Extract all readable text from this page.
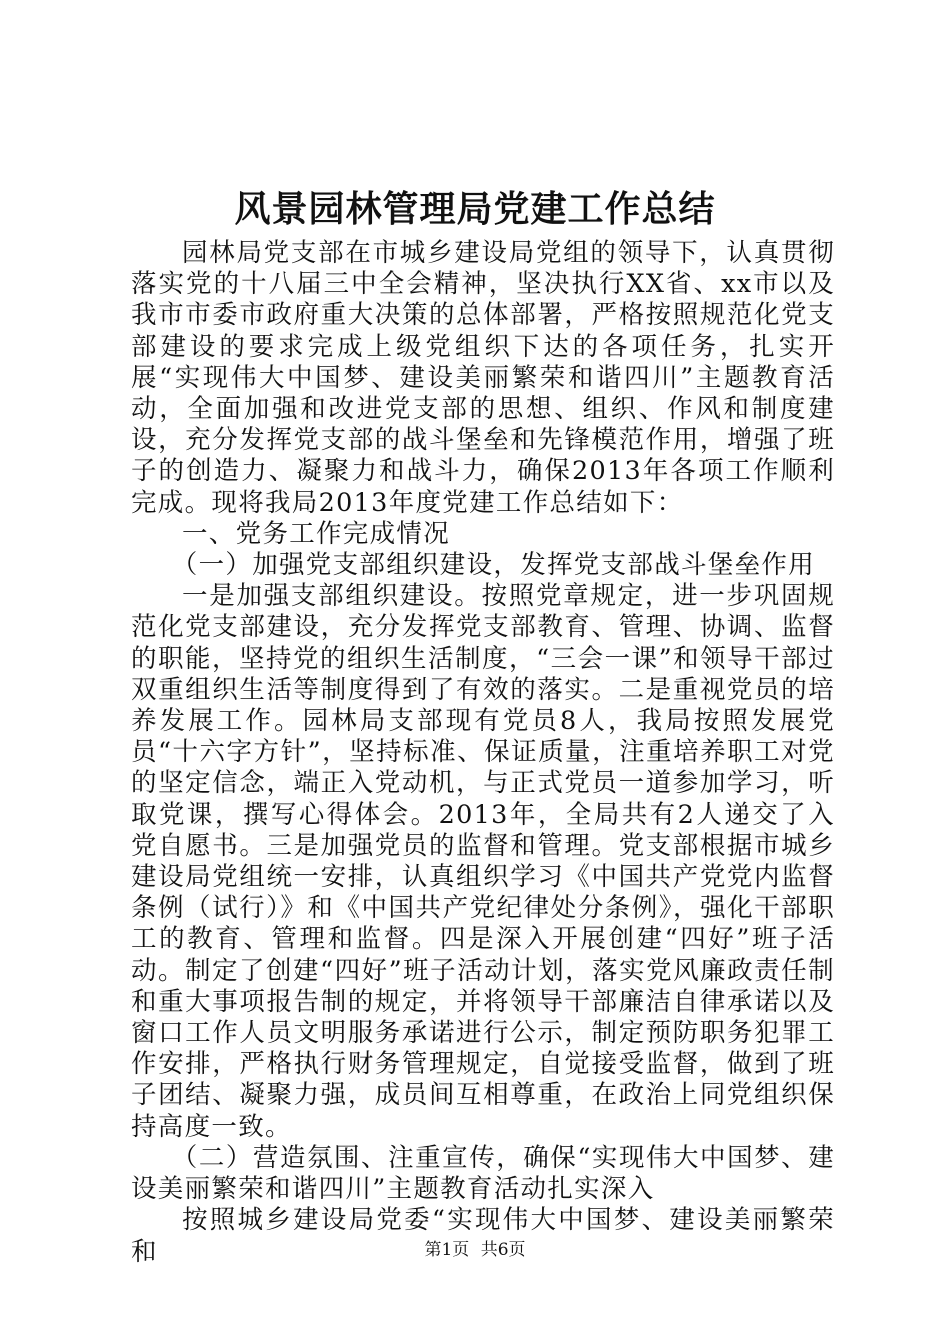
风景园林管理局党建工作总结

园林局党支部在市城乡建设局党组的领导下，认真贯彻落实党的十八届三中全会精神，坚决执行XX省、xx市以及我市市委市政府重大决策的总体部署，严格按照规范化党支部建设的要求完成上级党组织下达的各项任务，扎实开展“实现伟大中国梦、建设美丽繁荣和谐四川”主题教育活动，全面加强和改进党支部的思想、组织、作风和制度建设，充分发挥党支部的战斗堡垒和先锋模范作用，增强了班子的创造力、凝聚力和战斗力，确保2013年各项工作顺利完成。现将我局2013年度党建工作总结如下：

一、党务工作完成情况

（一）加强党支部组织建设，发挥党支部战斗堡垒作用

一是加强支部组织建设。按照党章规定，进一步巩固规范化党支部建设，充分发挥党支部教育、管理、协调、监督的职能，坚持党的组织生活制度，“三会一课”和领导干部过双重组织生活等制度得到了有效的落实。二是重视党员的培养发展工作。园林局支部现有党员8人，我局按照发展党员“十六字方针”，坚持标准、保证质量，注重培养职工对党的坚定信念，端正入党动机，与正式党员一道参加学习，听取党课，撰写心得体会。2013年，全局共有2人递交了入党自愿书。三是加强党员的监督和管理。党支部根据市城乡建设局党组统一安排，认真组织学习《中国共产党党内监督条例（试行）》和《中国共产党纪律处分条例》，强化干部职工的教育、管理和监督。四是深入开展创建“四好”班子活动。制定了创建“四好”班子活动计划，落实党风廉政责任制和重大事项报告制的规定，并将领导干部廉洁自律承诺以及窗口工作人员文明服务承诺进行公示，制定预防职务犯罪工作安排，严格执行财务管理规定，自觉接受监督，做到了班子团结、凝聚力强，成员间互相尊重，在政治上同党组织保持高度一致。

（二）营造氛围、注重宣传，确保“实现伟大中国梦、建设美丽繁荣和谐四川”主题教育活动扎实深入

按照城乡建设局党委“实现伟大中国梦、建设美丽繁荣和	第1页 共6页
